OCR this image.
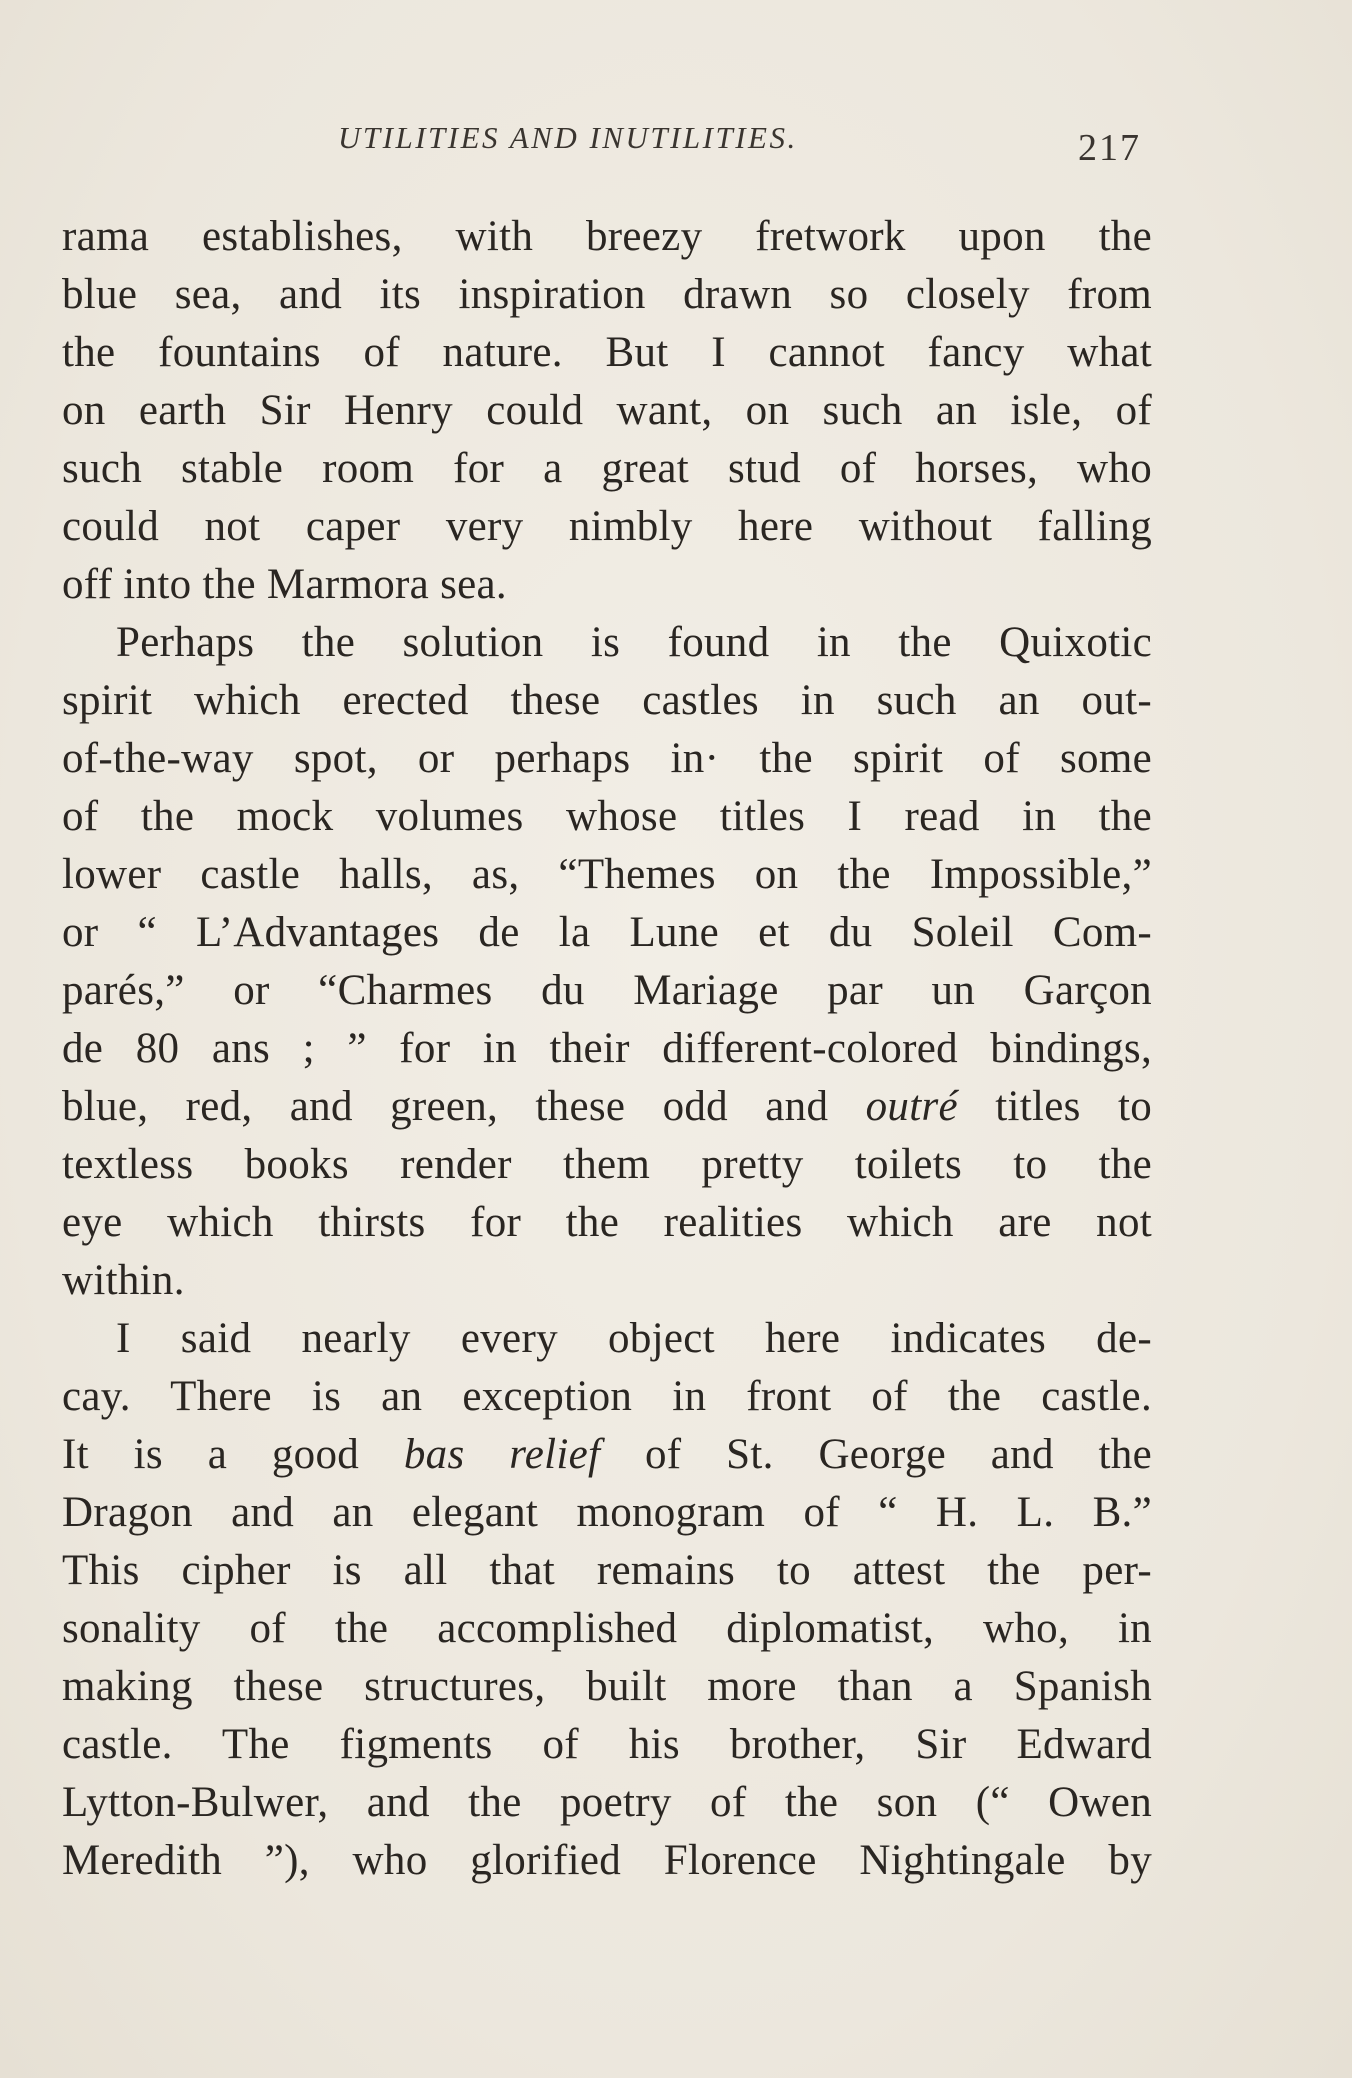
UTILITIES AND INUTILITIES.	217
rama establishes, with breezy fretwork upon the
blue sea, and its inspiration drawn so closely from
the fountains of nature. But I cannot fancy what
on earth Sir Henry could want, on such an isle, of
such stable room for a great stud of horses, who
could not caper very nimbly here without falling
off into the Marmora sea.
Perhaps the solution is found in the Quixotic
spirit which erected these castles in such an out-
of-the-way spot, or perhaps in· the spirit of some
of the mock volumes whose titles I read in the
lower castle halls, as, “Themes on the Impossible,”
or “ L’Advantages de la Lune et du Soleil Com-
parés,” or “Charmes du Mariage par un Garçon
de 80 ans ; ” for in their different-colored bindings,
blue, red, and green, these odd and outré titles to
textless books render them pretty toilets to the
eye which thirsts for the realities which are not
within.
I said nearly every object here indicates de-
cay. There is an exception in front of the castle.
It is a good bas relief of St. George and the
Dragon and an elegant monogram of “ H. L. B.”
This cipher is all that remains to attest the per-
sonality of the accomplished diplomatist, who, in
making these structures, built more than a Spanish
castle. The figments of his brother, Sir Edward
Lytton-Bulwer, and the poetry of the son (“ Owen
Meredith ”), who glorified Florence Nightingale by
